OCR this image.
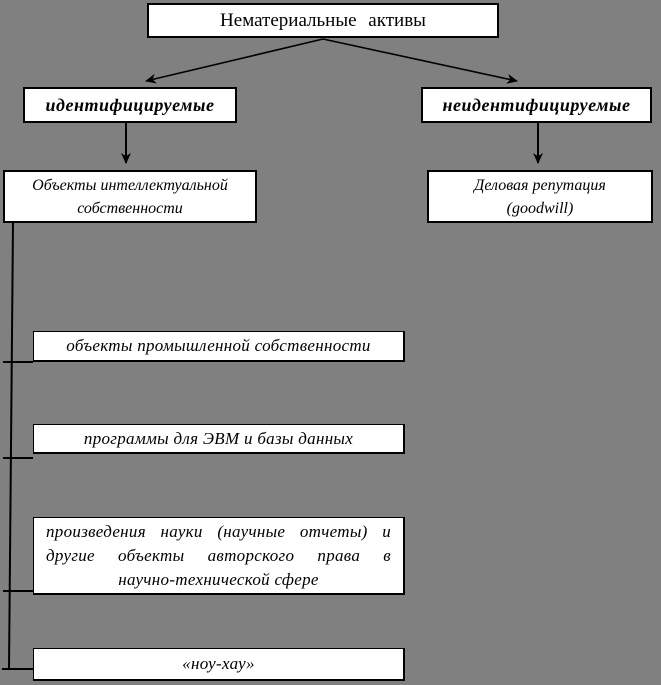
Нематериальные активы
идентифицируемые	неидентифицируемые
Объекты интеллектуальной
собственности
Деловая репутация
(goodwill)
объекты промышленной собственности
программы для ЭВМ и базы данных
произведения науки (научные отчеты) и
другие объекты авторского права в
научно-технической сфере
«ноу-хау»
